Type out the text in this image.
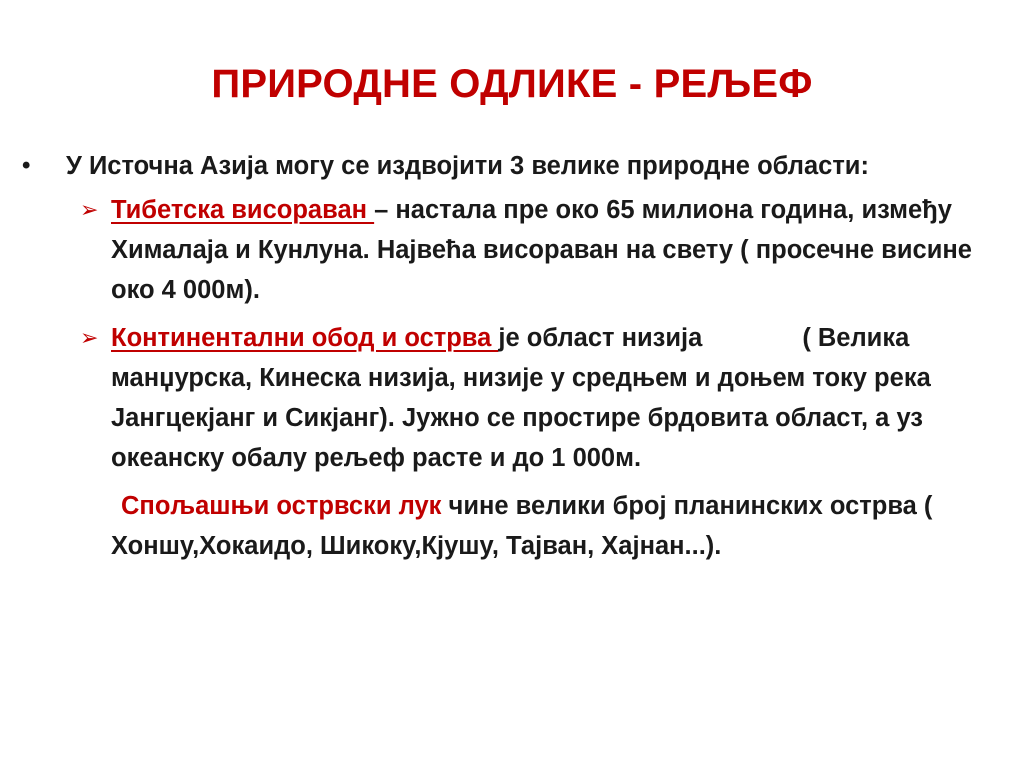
ПРИРОДНЕ ОДЛИКЕ - РЕЉЕФ
• У Источна Азија могу се издвојити 3 велике природне области:
➢ Тибетска висораван – настала пре око 65 милиона година, између Хималаја и Кунлуна. Највећа висораван на свету ( просечне висине око 4 000м).
➢ Континентални обод и острва је област низија	( Велика манџурска, Кинеска низија, низије у средњем и доњем току река Јангцекјанг и Сикјанг). Јужно се простире брдовита област, а уз океанску обалу рељеф расте и до 1 000м.
Спољашњи острвски лук чине велики број планинских острва ( Хоншу,Хокаидо, Шикоку,Кјушу, Тајван, Хајнан...).
